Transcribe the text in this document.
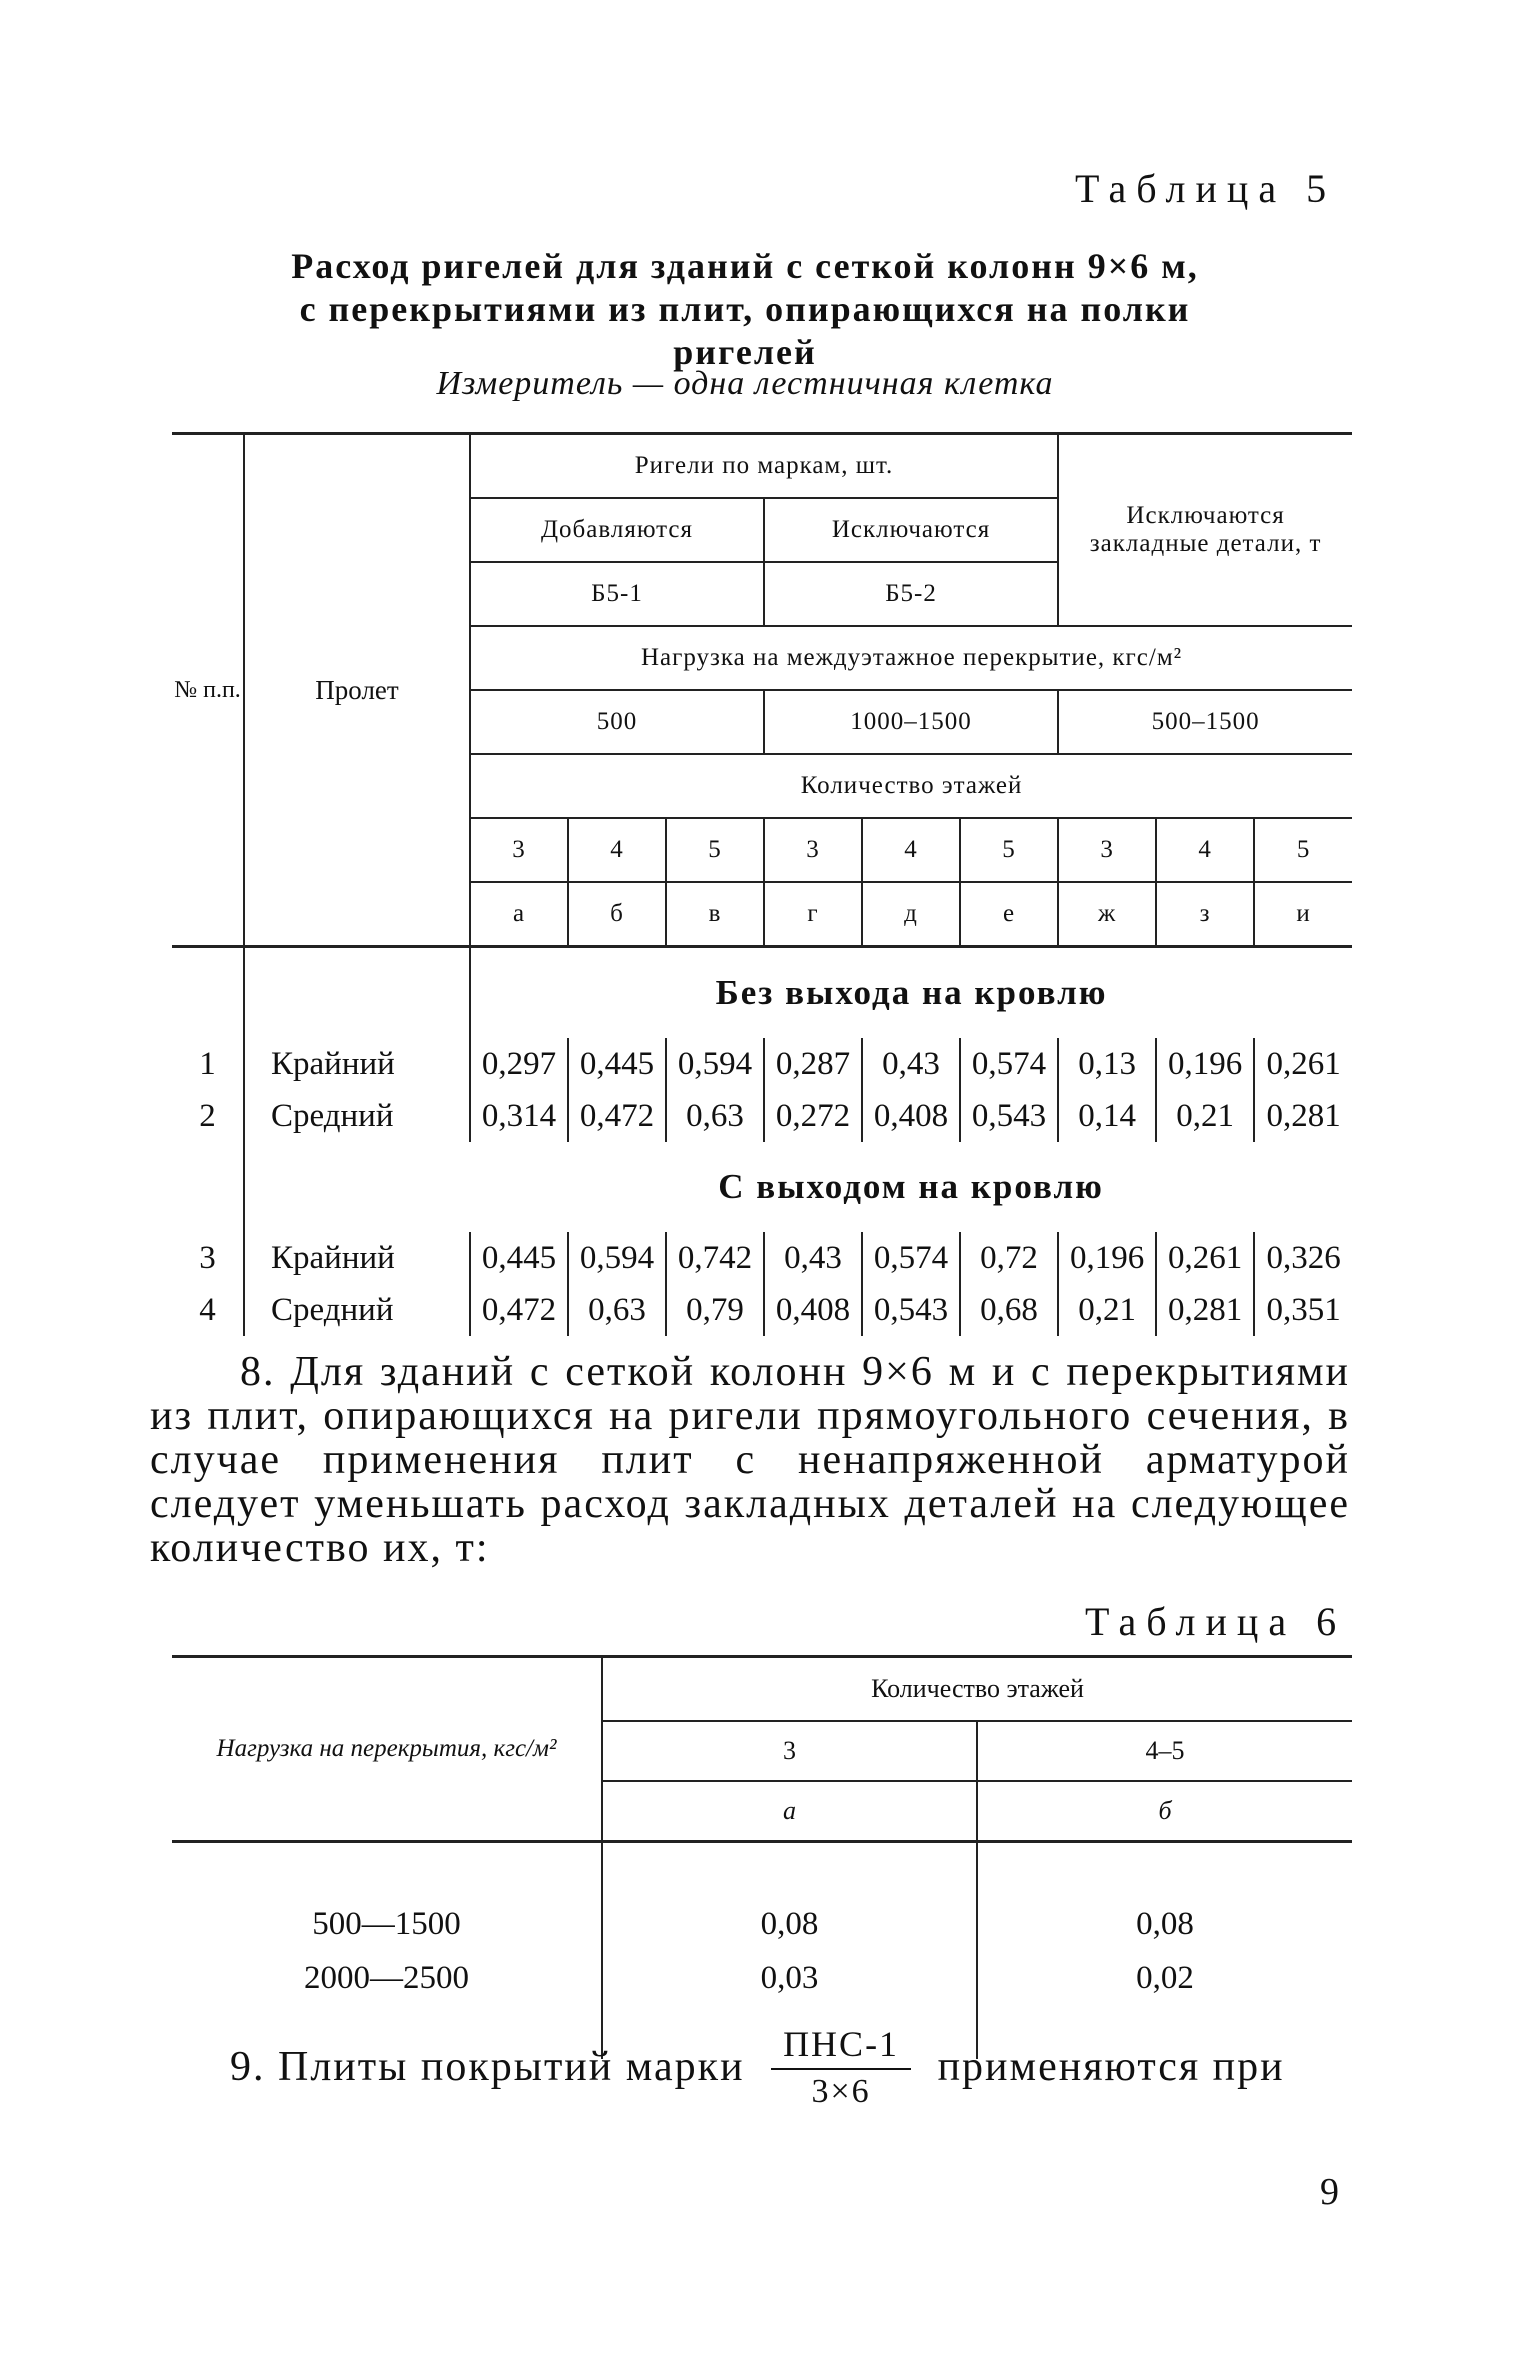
Таблица 5
Расход ригелей для зданий с сеткой колонн 9×6 м,
с перекрытиями из плит, опирающихся на полки
ригелей
Измеритель — одна лестничная клетка
№ п.п.	Пролет	Ригели по маркам, шт.						Исключаются закладные детали, т		
		Добавляются			Исключаются					
		Б5-1			Б5-2					
		Нагрузка на междуэтажное перекрытие, кгс/м²								
		500			1000–1500			500–1500		
		Количество этажей								
		3	4	5	3	4	5	3	4	5
		а	б	в	г	д	е	ж	з	и
		Без выхода на кровлю								
1	Крайний	0,297	0,445	0,594	0,287	0,43	0,574	0,13	0,196	0,261
2	Средний	0,314	0,472	0,63	0,272	0,408	0,543	0,14	0,21	0,281
		С выходом на кровлю								
3	Крайний	0,445	0,594	0,742	0,43	0,574	0,72	0,196	0,261	0,326
4	Средний	0,472	0,63	0,79	0,408	0,543	0,68	0,21	0,281	0,351
8. Для зданий с сеткой колонн 9×6 м и с перекрытиями из плит, опирающихся на ригели прямоугольного сечения, в случае применения плит с ненапряженной арматурой следует уменьшать расход закладных деталей на следующее количество их, т:
Таблица 6
Нагрузка на перекрытия, кгс/м²	Количество этажей	
	3	4–5
	а	б

500—1500	0,08	0,08
2000—2500	0,03	0,02

9. Плиты покрытий марки $\frac{\text{ПНС-1}}{3\times 6}$ применяются при
9
